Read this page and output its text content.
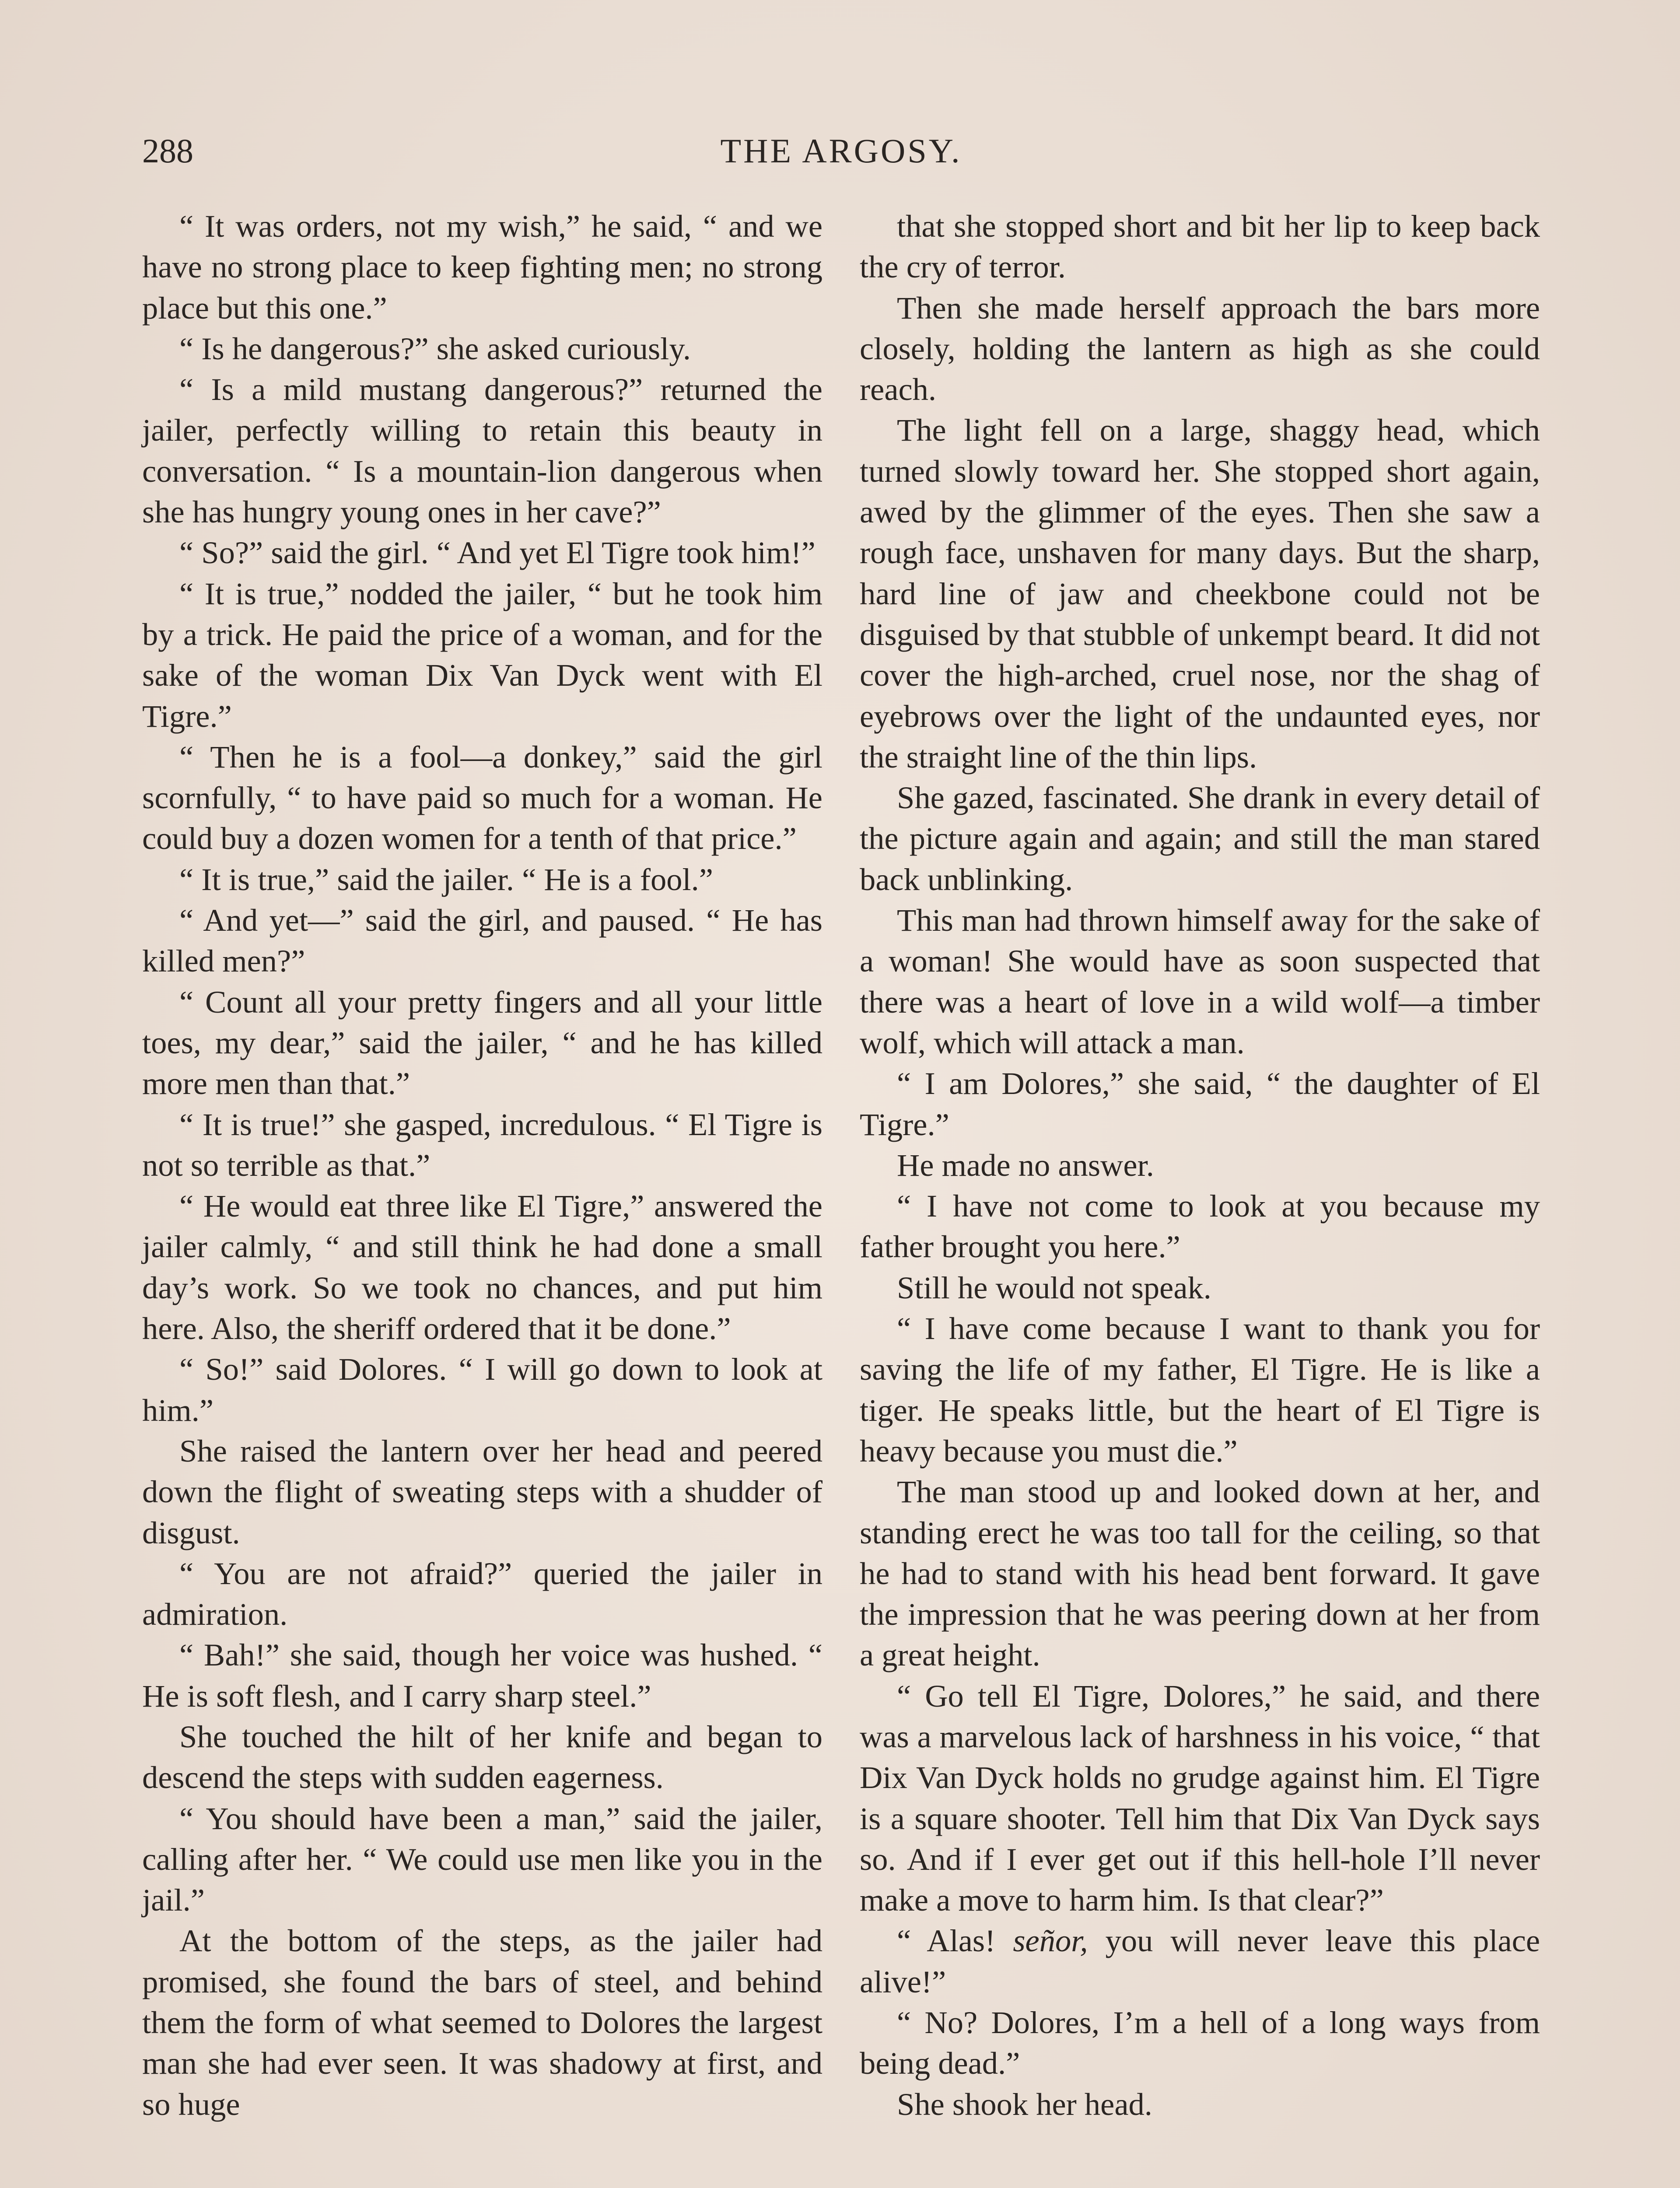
288	THE ARGOSY.

“ It was orders, not my wish,” he said, “ and we have no strong place to keep fighting men; no strong place but this one.”

“ Is he dangerous?” she asked curiously.

“ Is a mild mustang dangerous?” returned the jailer, perfectly willing to retain this beauty in conversation. “ Is a mountain-lion dangerous when she has hungry young ones in her cave?”

“ So?” said the girl. “ And yet El Tigre took him!”

“ It is true,” nodded the jailer, “ but he took him by a trick. He paid the price of a woman, and for the sake of the woman Dix Van Dyck went with El Tigre.”

“ Then he is a fool—a donkey,” said the girl scornfully, “ to have paid so much for a woman. He could buy a dozen women for a tenth of that price.”

“ It is true,” said the jailer. “ He is a fool.”

“ And yet—” said the girl, and paused. “ He has killed men?”

“ Count all your pretty fingers and all your little toes, my dear,” said the jailer, “ and he has killed more men than that.”

“ It is true!” she gasped, incredulous. “ El Tigre is not so terrible as that.”

“ He would eat three like El Tigre,” answered the jailer calmly, “ and still think he had done a small day’s work. So we took no chances, and put him here. Also, the sheriff ordered that it be done.”

“ So!” said Dolores. “ I will go down to look at him.”

She raised the lantern over her head and peered down the flight of sweating steps with a shudder of disgust.

“ You are not afraid?” queried the jailer in admiration.

“ Bah!” she said, though her voice was hushed. “ He is soft flesh, and I carry sharp steel.”

She touched the hilt of her knife and began to descend the steps with sudden eagerness.

“ You should have been a man,” said the jailer, calling after her. “ We could use men like you in the jail.”

At the bottom of the steps, as the jailer had promised, she found the bars of steel, and behind them the form of what seemed to Dolores the largest man she had ever seen. It was shadowy at first, and so huge

that she stopped short and bit her lip to keep back the cry of terror.

Then she made herself approach the bars more closely, holding the lantern as high as she could reach.

The light fell on a large, shaggy head, which turned slowly toward her. She stopped short again, awed by the glimmer of the eyes. Then she saw a rough face, unshaven for many days. But the sharp, hard line of jaw and cheekbone could not be disguised by that stubble of unkempt beard. It did not cover the high-arched, cruel nose, nor the shag of eyebrows over the light of the undaunted eyes, nor the straight line of the thin lips.

She gazed, fascinated. She drank in every detail of the picture again and again; and still the man stared back unblinking.

This man had thrown himself away for the sake of a woman! She would have as soon suspected that there was a heart of love in a wild wolf—a timber wolf, which will attack a man.

“ I am Dolores,” she said, “ the daughter of El Tigre.”

He made no answer.

“ I have not come to look at you because my father brought you here.”

Still he would not speak.

“ I have come because I want to thank you for saving the life of my father, El Tigre. He is like a tiger. He speaks little, but the heart of El Tigre is heavy because you must die.”

The man stood up and looked down at her, and standing erect he was too tall for the ceiling, so that he had to stand with his head bent forward. It gave the impression that he was peering down at her from a great height.

“ Go tell El Tigre, Dolores,” he said, and there was a marvelous lack of harshness in his voice, “ that Dix Van Dyck holds no grudge against him. El Tigre is a square shooter. Tell him that Dix Van Dyck says so. And if I ever get out if this hell-hole I’ll never make a move to harm him. Is that clear?”

“ Alas! señor, you will never leave this place alive!”

“ No? Dolores, I’m a hell of a long ways from being dead.”

She shook her head.
